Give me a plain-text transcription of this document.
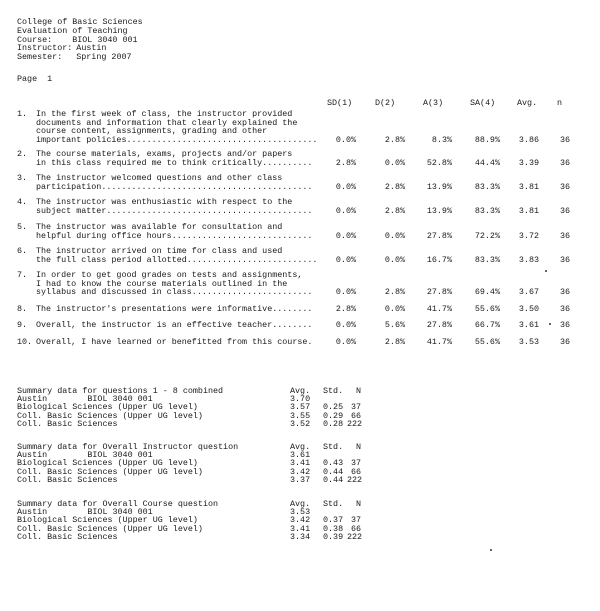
College of Basic Sciences
Evaluation of Teaching
Course: BIOL 3040 001
Instructor: Austin
Semester: Spring 2007
Page  1
SD(1)	D(2)	A(3)	SA(4)	Avg. n
1. In the first week of class, the instructor provided
documents and information that clearly explained the
course content, assignments, grading and other
important policies...................................... 0.0%	2.8%	8.3%	88.9% 3.86 36
2. The course materials, exams, projects and/or papers
in this class required me to think critically..........	2.8%	0.0%	52.8%	44.4% 3.39 36
3. The instructor welcomed questions and other class
participation..........................................	0.0%	2.8%	13.9%	83.3% 3.81 36
4. The instructor was enthusiastic with respect to the
subject matter.........................................	0.0%	2.8%	13.9%	83.3% 3.81 36
5. The instructor was available for consultation and
helpful during office hours............................	0.0%	0.0%	27.8%	72.2% 3.72 36
6. The instructor arrived on time for class and used
the full class period allotted.......................... 0.0%	0.0%	16.7%	83.3% 3.83 36
7. In order to get good grades on tests and assignments,
I had to know the course materials outlined in the
syllabus and discussed in class........................	0.0%	2.8%	27.8%	69.4% 3.67 36
8. The instructor's presentations were informative........	2.8%	0.0%	41.7%	55.6% 3.50 36
9. Overall, the instructor is an effective teacher........	0.0%	5.6%	27.8%	66.7% 3.61 36
10. Overall, I have learned or benefitted from this course.	0.0%	2.8%	41.7%	55.6% 3.53 36
Summary data for questions 1 - 8 combined	Avg. Std.	N
Austin        BIOL 3040 001	3.70
Biological Sciences (Upper UG level)	3.57 0.25 37
Coll. Basic Sciences (Upper UG level)	3.55 0.29 66
Coll. Basic Sciences	3.52 0.28 222
Summary data for Overall Instructor question	Avg. Std.	N
Austin        BIOL 3040 001	3.61
Biological Sciences (Upper UG level)	3.41 0.43 37
Coll. Basic Sciences (Upper UG level)	3.42 0.44 66
Coll. Basic Sciences	3.37 0.44 222
Summary data for Overall Course question	Avg. Std.	N
Austin        BIOL 3040 001	3.53
Biological Sciences (Upper UG level)	3.42 0.37 37
Coll. Basic Sciences (Upper UG level)	3.41 0.38 66
Coll. Basic Sciences	3.34 0.39 222
